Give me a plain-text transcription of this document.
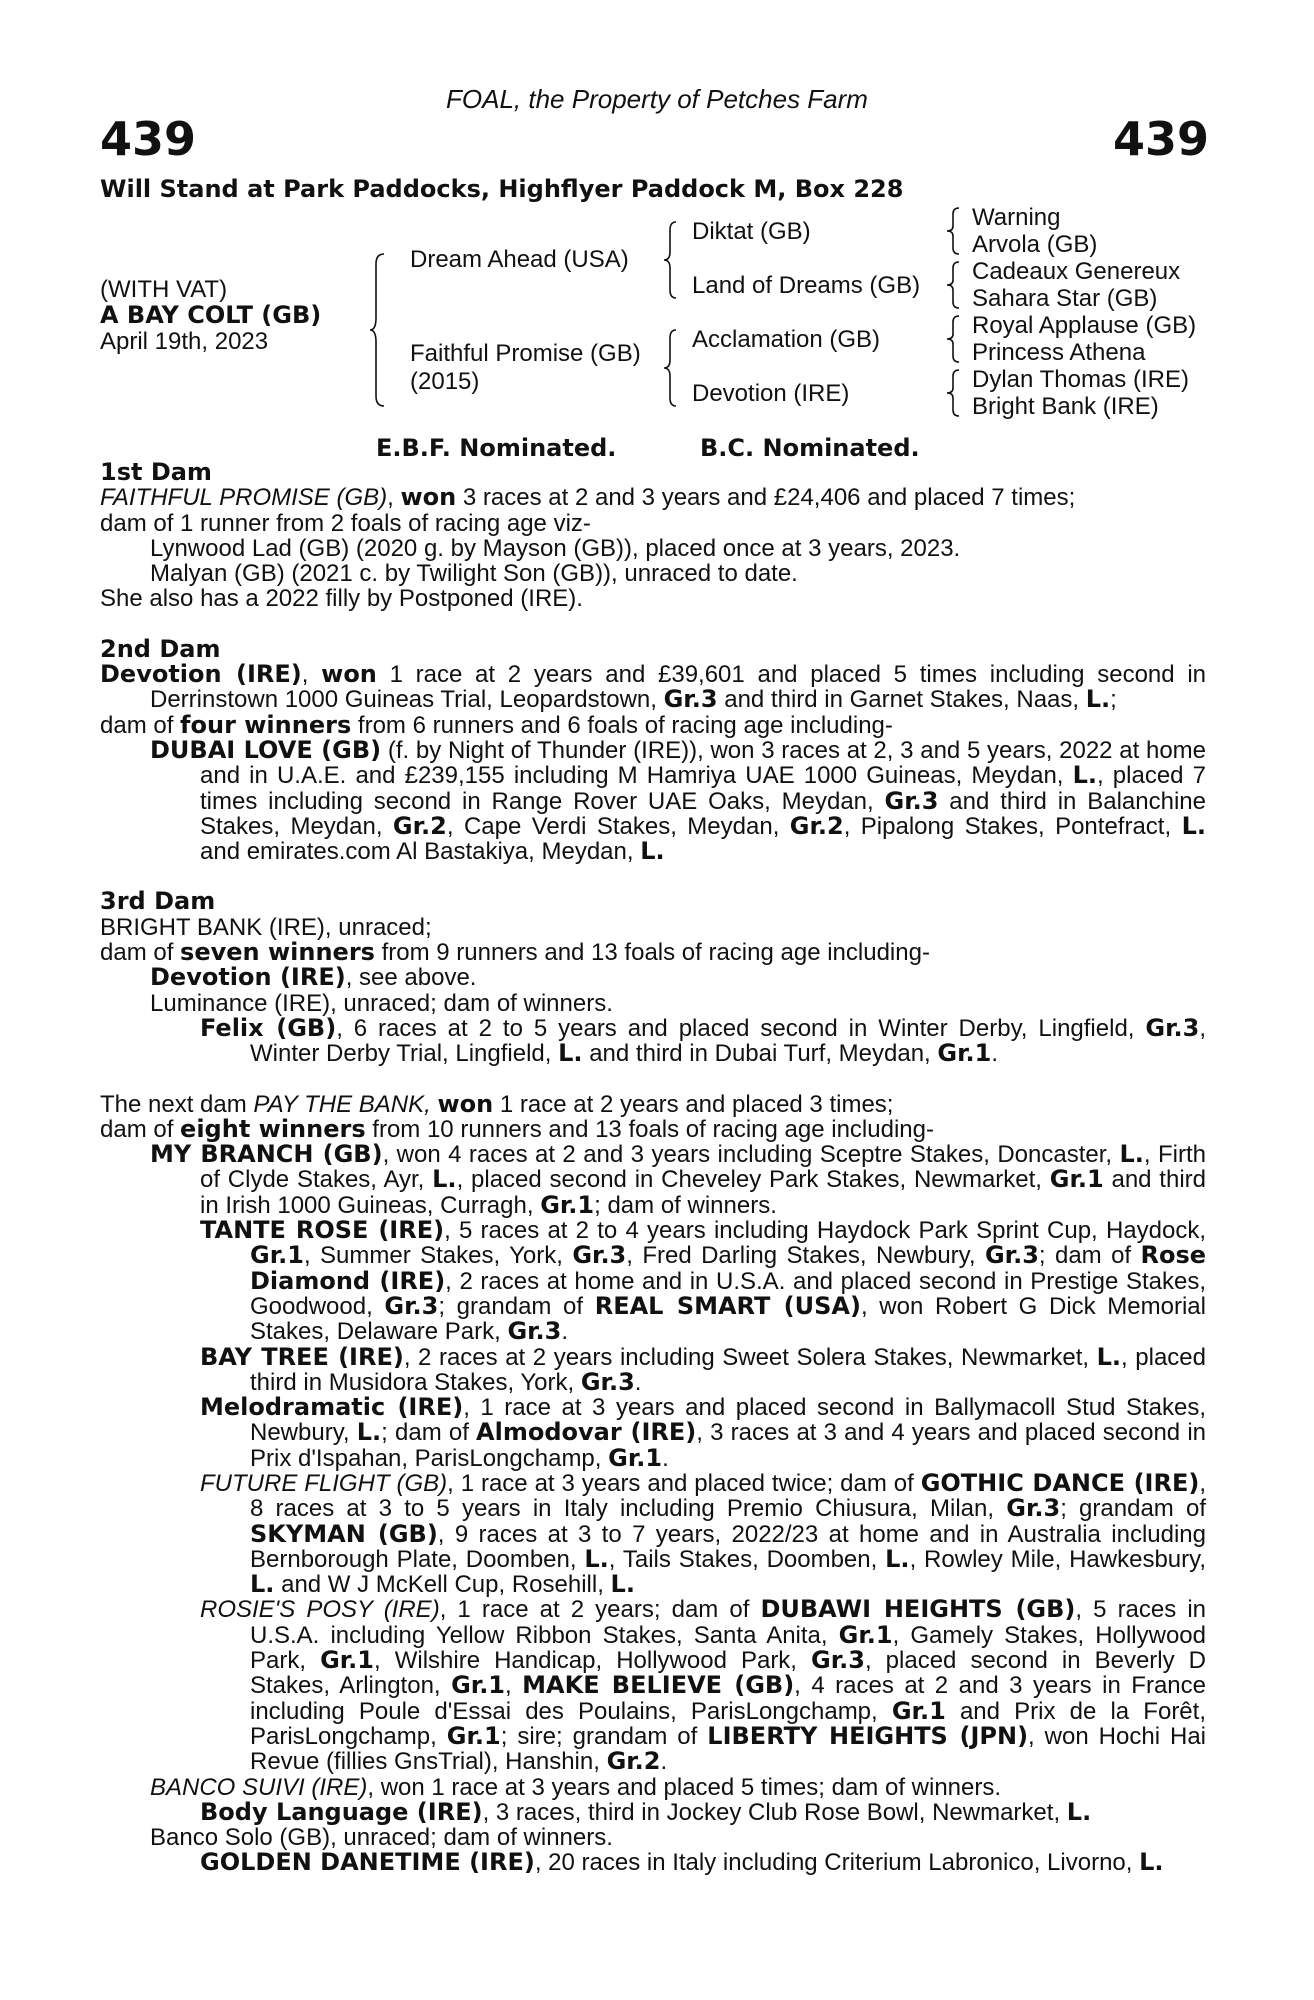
FOAL, the Property of Petches Farm
439	439
Will Stand at Park Paddocks, Highflyer Paddock M, Box 228
(WITH VAT)
A BAY COLT (GB)
April 19th, 2023
Dream Ahead (USA)
Faithful Promise (GB)
(2015)
Diktat (GB)
Land of Dreams (GB)
Acclamation (GB)
Devotion (IRE)
Warning
Arvola (GB)
Cadeaux Genereux
Sahara Star (GB)
Royal Applause (GB)
Princess Athena
Dylan Thomas (IRE)
Bright Bank (IRE)
E.B.F. Nominated.	B.C. Nominated.

1st Dam

FAITHFUL PROMISE (GB), won 3 races at 2 and 3 years and £24,406 and placed 7 times;

dam of 1 runner from 2 foals of racing age viz-

Lynwood Lad (GB) (2020 g. by Mayson (GB)), placed once at 3 years, 2023.

Malyan (GB) (2021 c. by Twilight Son (GB)), unraced to date.

She also has a 2022 filly by Postponed (IRE).

2nd Dam

Devotion (IRE), won 1 race at 2 years and £39,601 and placed 5 times including second in Derrinstown 1000 Guineas Trial, Leopardstown, Gr.3 and third in Garnet Stakes, Naas, L.;

dam of four winners from 6 runners and 6 foals of racing age including-

DUBAI LOVE (GB) (f. by Night of Thunder (IRE)), won 3 races at 2, 3 and 5 years, 2022 at home and in U.A.E. and £239,155 including M Hamriya UAE 1000 Guineas, Meydan, L., placed 7 times including second in Range Rover UAE Oaks, Meydan, Gr.3 and third in Balanchine Stakes, Meydan, Gr.2, Cape Verdi Stakes, Meydan, Gr.2, Pipalong Stakes, Pontefract, L. and emirates.com Al Bastakiya, Meydan, L.

3rd Dam

BRIGHT BANK (IRE), unraced;

dam of seven winners from 9 runners and 13 foals of racing age including-

Devotion (IRE), see above.

Luminance (IRE), unraced; dam of winners.

Felix (GB), 6 races at 2 to 5 years and placed second in Winter Derby, Lingfield, Gr.3, Winter Derby Trial, Lingfield, L. and third in Dubai Turf, Meydan, Gr.1.

The next dam PAY THE BANK, won 1 race at 2 years and placed 3 times;

dam of eight winners from 10 runners and 13 foals of racing age including-

MY BRANCH (GB), won 4 races at 2 and 3 years including Sceptre Stakes, Doncaster, L., Firth of Clyde Stakes, Ayr, L., placed second in Cheveley Park Stakes, Newmarket, Gr.1 and third in Irish 1000 Guineas, Curragh, Gr.1; dam of winners.

TANTE ROSE (IRE), 5 races at 2 to 4 years including Haydock Park Sprint Cup, Haydock, Gr.1, Summer Stakes, York, Gr.3, Fred Darling Stakes, Newbury, Gr.3; dam of Rose Diamond (IRE), 2 races at home and in U.S.A. and placed second in Prestige Stakes, Goodwood, Gr.3; grandam of REAL SMART (USA), won Robert G Dick Memorial Stakes, Delaware Park, Gr.3.

BAY TREE (IRE), 2 races at 2 years including Sweet Solera Stakes, Newmarket, L., placed third in Musidora Stakes, York, Gr.3.

Melodramatic (IRE), 1 race at 3 years and placed second in Ballymacoll Stud Stakes, Newbury, L.; dam of Almodovar (IRE), 3 races at 3 and 4 years and placed second in Prix d'Ispahan, ParisLongchamp, Gr.1.

FUTURE FLIGHT (GB), 1 race at 3 years and placed twice; dam of GOTHIC DANCE (IRE), 8 races at 3 to 5 years in Italy including Premio Chiusura, Milan, Gr.3; grandam of SKYMAN (GB), 9 races at 3 to 7 years, 2022/23 at home and in Australia including Bernborough Plate, Doomben, L., Tails Stakes, Doomben, L., Rowley Mile, Hawkesbury, L. and W J McKell Cup, Rosehill, L.

ROSIE'S POSY (IRE), 1 race at 2 years; dam of DUBAWI HEIGHTS (GB), 5 races in U.S.A. including Yellow Ribbon Stakes, Santa Anita, Gr.1, Gamely Stakes, Hollywood Park, Gr.1, Wilshire Handicap, Hollywood Park, Gr.3, placed second in Beverly D Stakes, Arlington, Gr.1, MAKE BELIEVE (GB), 4 races at 2 and 3 years in France including Poule d'Essai des Poulains, ParisLongchamp, Gr.1 and Prix de la Forêt, ParisLongchamp, Gr.1; sire; grandam of LIBERTY HEIGHTS (JPN), won Hochi Hai Revue (fillies GnsTrial), Hanshin, Gr.2.

BANCO SUIVI (IRE), won 1 race at 3 years and placed 5 times; dam of winners.

Body Language (IRE), 3 races, third in Jockey Club Rose Bowl, Newmarket, L.

Banco Solo (GB), unraced; dam of winners.

GOLDEN DANETIME (IRE), 20 races in Italy including Criterium Labronico, Livorno, L.
